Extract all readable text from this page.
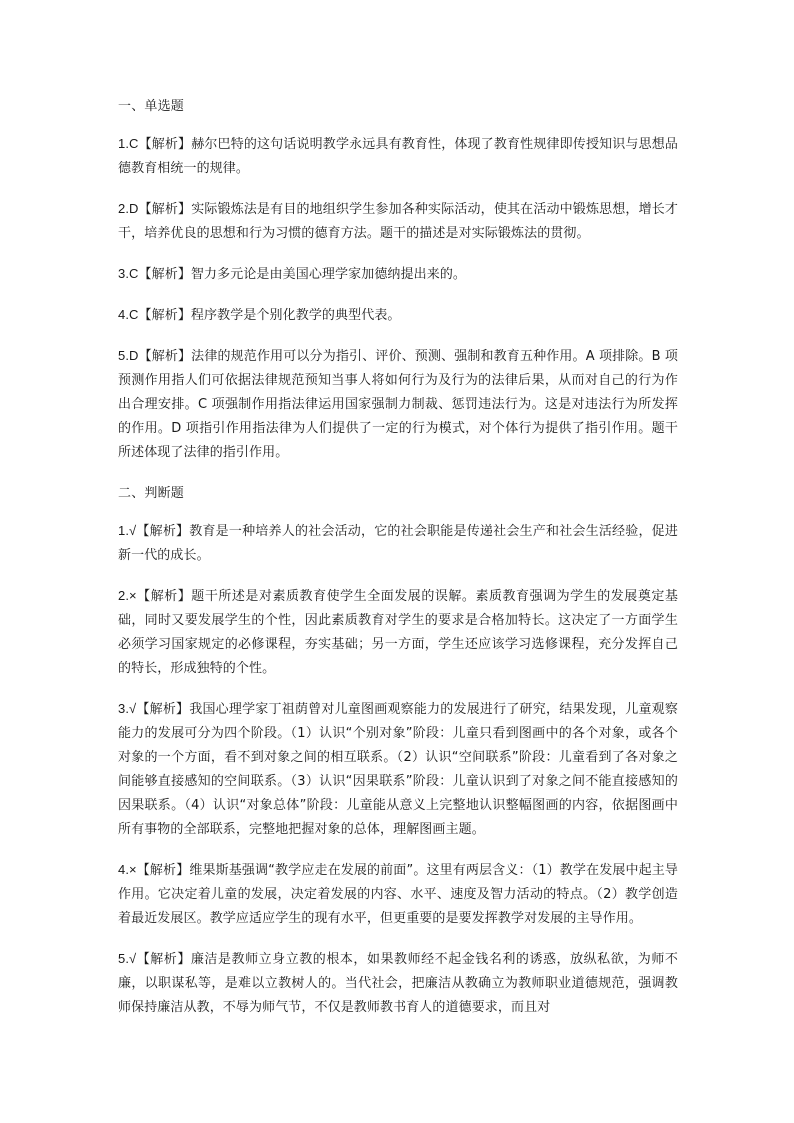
一、单选题

1.C【解析】赫尔巴特的这句话说明教学永远具有教育性，体现了教育性规律即传授知识与思想品德教育相统一的规律。

2.D【解析】实际锻炼法是有目的地组织学生参加各种实际活动，使其在活动中锻炼思想，增长才干，培养优良的思想和行为习惯的德育方法。题干的描述是对实际锻炼法的贯彻。

3.C【解析】智力多元论是由美国心理学家加德纳提出来的。

4.C【解析】程序教学是个别化教学的典型代表。

5.D【解析】法律的规范作用可以分为指引、评价、预测、强制和教育五种作用。A 项排除。B 项预测作用指人们可依据法律规范预知当事人将如何行为及行为的法律后果，从而对自己的行为作出合理安排。C 项强制作用指法律运用国家强制力制裁、惩罚违法行为。这是对违法行为所发挥的作用。D 项指引作用指法律为人们提供了一定的行为模式，对个体行为提供了指引作用。题干所述体现了法律的指引作用。

二、判断题

1.√【解析】教育是一种培养人的社会活动，它的社会职能是传递社会生产和社会生活经验，促进新一代的成长。

2.×【解析】题干所述是对素质教育使学生全面发展的误解。素质教育强调为学生的发展奠定基础，同时又要发展学生的个性，因此素质教育对学生的要求是合格加特长。这决定了一方面学生必须学习国家规定的必修课程，夯实基础；另一方面，学生还应该学习选修课程，充分发挥自己的特长，形成独特的个性。

3.√【解析】我国心理学家丁祖荫曾对儿童图画观察能力的发展进行了研究，结果发现，儿童观察能力的发展可分为四个阶段。（1）认识“个别对象”阶段：儿童只看到图画中的各个对象，或各个对象的一个方面，看不到对象之间的相互联系。（2）认识“空间联系”阶段：儿童看到了各对象之间能够直接感知的空间联系。（3）认识“因果联系”阶段：儿童认识到了对象之间不能直接感知的因果联系。（4）认识“对象总体”阶段：儿童能从意义上完整地认识整幅图画的内容，依据图画中所有事物的全部联系，完整地把握对象的总体，理解图画主题。

4.×【解析】维果斯基强调“教学应走在发展的前面”。这里有两层含义：（1）教学在发展中起主导作用。它决定着儿童的发展，决定着发展的内容、水平、速度及智力活动的特点。（2）教学创造着最近发展区。教学应适应学生的现有水平，但更重要的是要发挥教学对发展的主导作用。

5.√【解析】廉洁是教师立身立教的根本，如果教师经不起金钱名利的诱惑，放纵私欲，为师不廉，以职谋私等，是难以立教树人的。当代社会，把廉洁从教确立为教师职业道德规范，强调教师保持廉洁从教，不辱为师气节，不仅是教师教书育人的道德要求，而且对
